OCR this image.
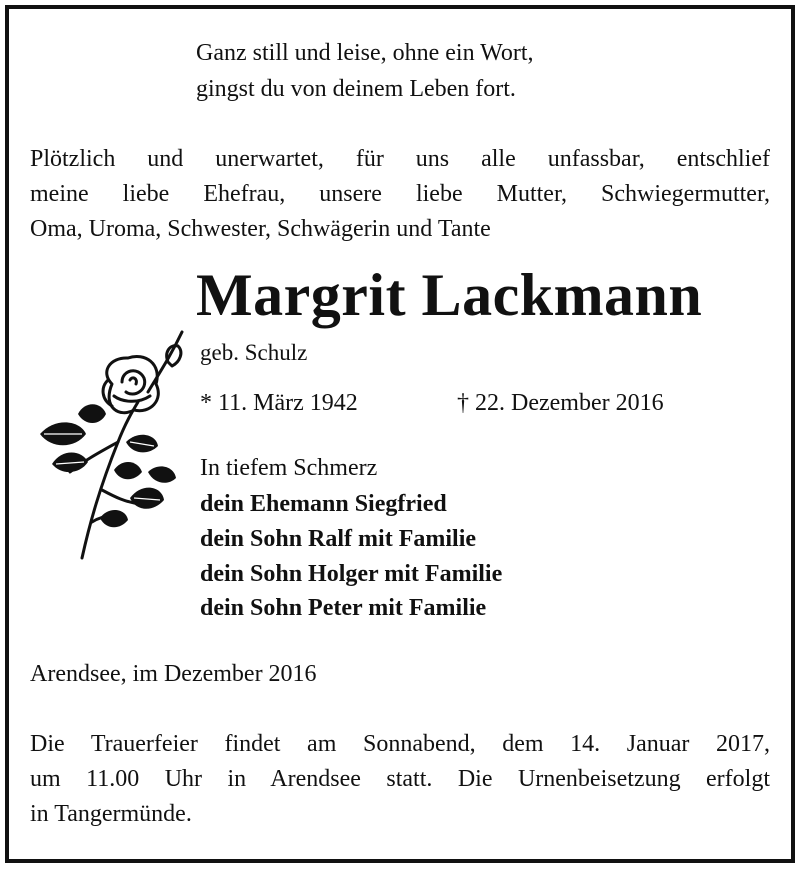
Ganz still und leise, ohne ein Wort,
gingst du von deinem Leben fort.
Plötzlich und unerwartet, für uns alle unfassbar, entschlief
meine liebe Ehefrau, unsere liebe Mutter, Schwiegermutter,
Oma, Uroma, Schwester, Schwägerin und Tante
Margrit Lackmann
geb. Schulz
* 11. März 1942	† 22. Dezember 2016
In tiefem Schmerz
dein Ehemann Siegfried
dein Sohn Ralf mit Familie
dein Sohn Holger mit Familie
dein Sohn Peter mit Familie
Arendsee, im Dezember 2016
Die Trauerfeier findet am Sonnabend, dem 14. Januar 2017,
um 11.00 Uhr in Arendsee statt. Die Urnenbeisetzung erfolgt
in Tangermünde.
